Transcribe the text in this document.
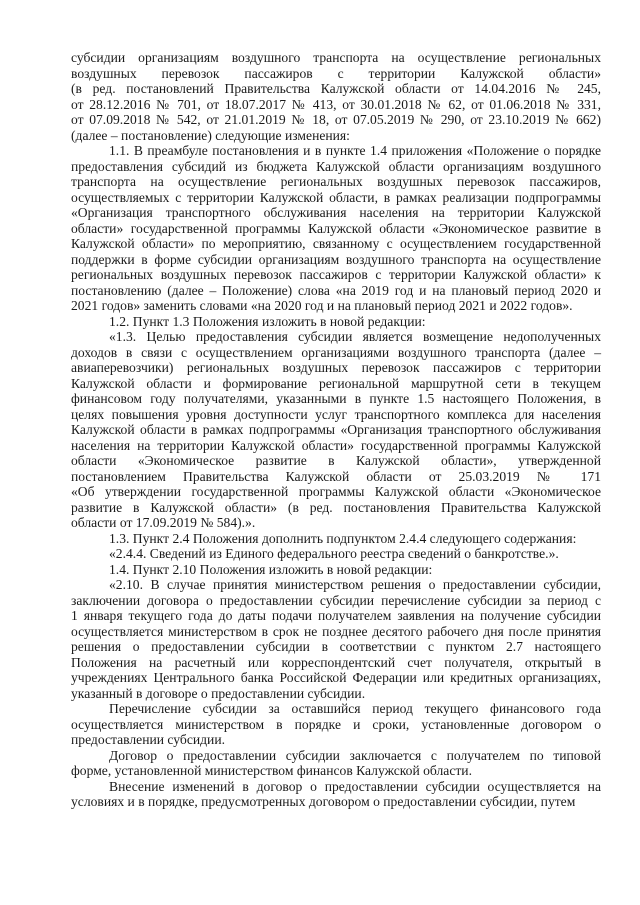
субсидии организациям воздушного транспорта на осуществление региональных
воздушных перевозок пассажиров с территории Калужской области»
(в ред. постановлений Правительства Калужской области от 14.04.2016 № 245,
от 28.12.2016 № 701, от 18.07.2017 № 413, от 30.01.2018 № 62, от 01.06.2018 № 331,
от 07.09.2018 № 542, от 21.01.2019 № 18, от 07.05.2019 № 290, от 23.10.2019 № 662)
(далее – постановление) следующие изменения:
1.1. В преамбуле постановления и в пункте 1.4 приложения «Положение о порядке
предоставления субсидий из бюджета Калужской области организациям воздушного
транспорта на осуществление региональных воздушных перевозок пассажиров,
осуществляемых с территории Калужской области, в рамках реализации подпрограммы
«Организация транспортного обслуживания населения на территории Калужской
области» государственной программы Калужской области «Экономическое развитие в
Калужской области» по мероприятию, связанному с осуществлением государственной
поддержки в форме субсидии организациям воздушного транспорта на осуществление
региональных воздушных перевозок пассажиров с территории Калужской области» к
постановлению (далее – Положение) слова «на 2019 год и на плановый период 2020 и
2021 годов» заменить словами «на 2020 год и на плановый период 2021 и 2022 годов».
1.2. Пункт 1.3 Положения изложить в новой редакции:
«1.3. Целью предоставления субсидии является возмещение недополученных
доходов в связи с осуществлением организациями воздушного транспорта (далее –
авиаперевозчики) региональных воздушных перевозок пассажиров с территории
Калужской области и формирование региональной маршрутной сети в текущем
финансовом году получателями, указанными в пункте 1.5 настоящего Положения, в
целях повышения уровня доступности услуг транспортного комплекса для населения
Калужской области в рамках подпрограммы «Организация транспортного обслуживания
населения на территории Калужской области» государственной программы Калужской
области «Экономическое развитие в Калужской области», утвержденной
постановлением Правительства Калужской области от 25.03.2019 № 171
«Об утверждении государственной программы Калужской области «Экономическое
развитие в Калужской области» (в ред. постановления Правительства Калужской
области от 17.09.2019 № 584).».
1.3. Пункт 2.4 Положения дополнить подпунктом 2.4.4 следующего содержания:
«2.4.4. Сведений из Единого федерального реестра сведений о банкротстве.».
1.4. Пункт 2.10 Положения изложить в новой редакции:
«2.10. В случае принятия министерством решения о предоставлении субсидии,
заключении договора о предоставлении субсидии перечисление субсидии за период с
1 января текущего года до даты подачи получателем заявления на получение субсидии
осуществляется министерством в срок не позднее десятого рабочего дня после принятия
решения о предоставлении субсидии в соответствии с пунктом 2.7 настоящего
Положения на расчетный или корреспондентский счет получателя, открытый в
учреждениях Центрального банка Российской Федерации или кредитных организациях,
указанный в договоре о предоставлении субсидии.
Перечисление субсидии за оставшийся период текущего финансового года
осуществляется министерством в порядке и сроки, установленные договором о
предоставлении субсидии.
Договор о предоставлении субсидии заключается с получателем по типовой
форме, установленной министерством финансов Калужской области.
Внесение изменений в договор о предоставлении субсидии осуществляется на
условиях и в порядке, предусмотренных договором о предоставлении субсидии, путем
